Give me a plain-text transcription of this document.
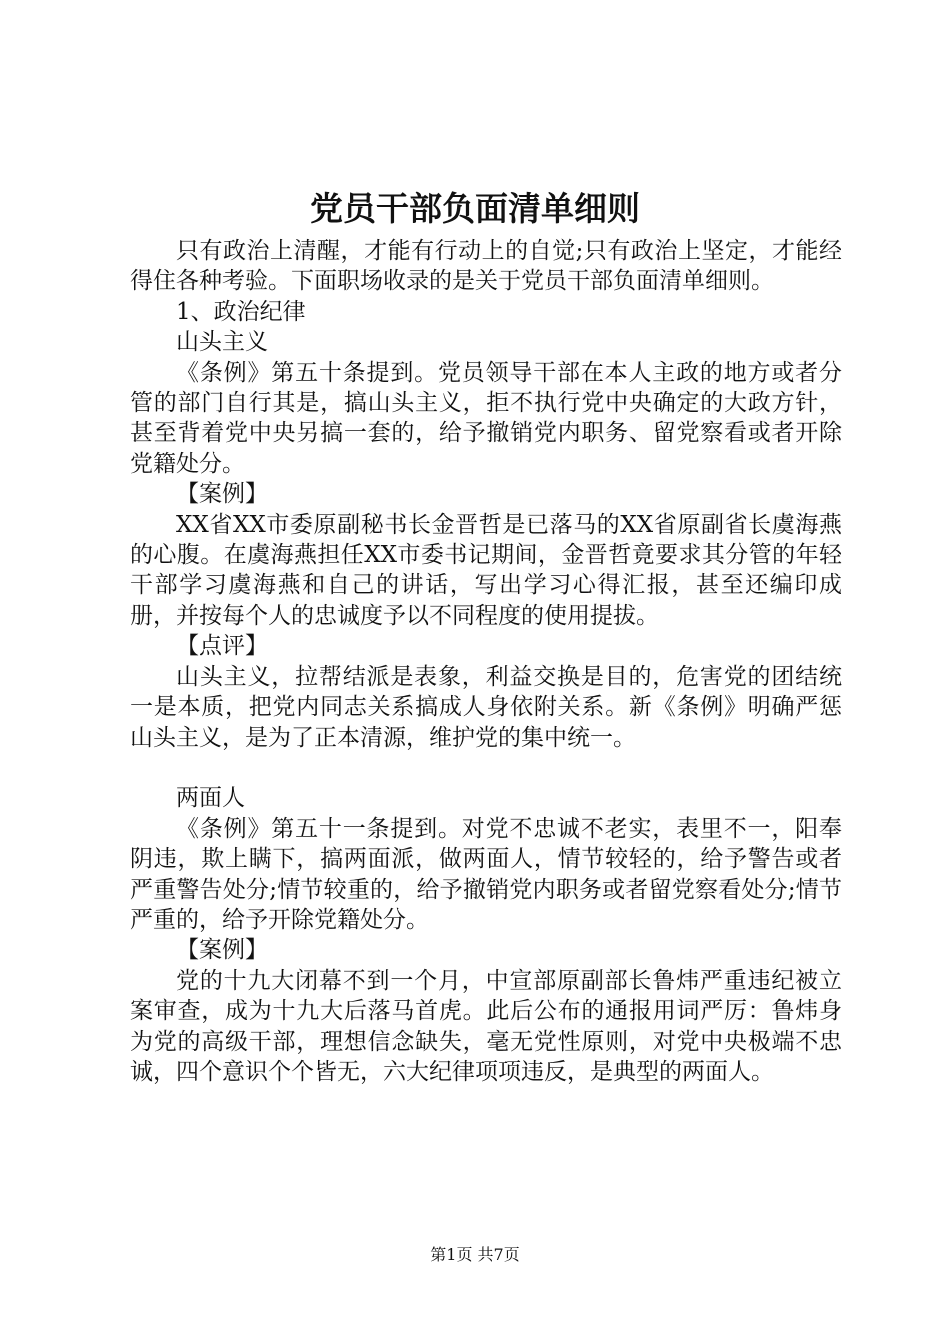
党员干部负面清单细则

只有政治上清醒，才能有行动上的自觉;只有政治上坚定，才能经得住各种考验。下面职场收录的是关于党员干部负面清单细则。

1、政治纪律

山头主义

《条例》第五十条提到。党员领导干部在本人主政的地方或者分管的部门自行其是，搞山头主义，拒不执行党中央确定的大政方针，甚至背着党中央另搞一套的，给予撤销党内职务、留党察看或者开除党籍处分。

【案例】

XX省XX市委原副秘书长金晋哲是已落马的XX省原副省长虞海燕的心腹。在虞海燕担任XX市委书记期间，金晋哲竟要求其分管的年轻干部学习虞海燕和自己的讲话，写出学习心得汇报，甚至还编印成册，并按每个人的忠诚度予以不同程度的使用提拔。

【点评】

山头主义，拉帮结派是表象，利益交换是目的，危害党的团结统一是本质，把党内同志关系搞成人身依附关系。新《条例》明确严惩山头主义，是为了正本清源，维护党的集中统一。

两面人

《条例》第五十一条提到。对党不忠诚不老实，表里不一，阳奉阴违，欺上瞒下，搞两面派，做两面人，情节较轻的，给予警告或者严重警告处分;情节较重的，给予撤销党内职务或者留党察看处分;情节严重的，给予开除党籍处分。

【案例】

党的十九大闭幕不到一个月，中宣部原副部长鲁炜严重违纪被立案审查，成为十九大后落马首虎。此后公布的通报用词严厉：鲁炜身为党的高级干部，理想信念缺失，毫无党性原则，对党中央极端不忠诚，四个意识个个皆无，六大纪律项项违反，是典型的两面人。

第1页 共7页
